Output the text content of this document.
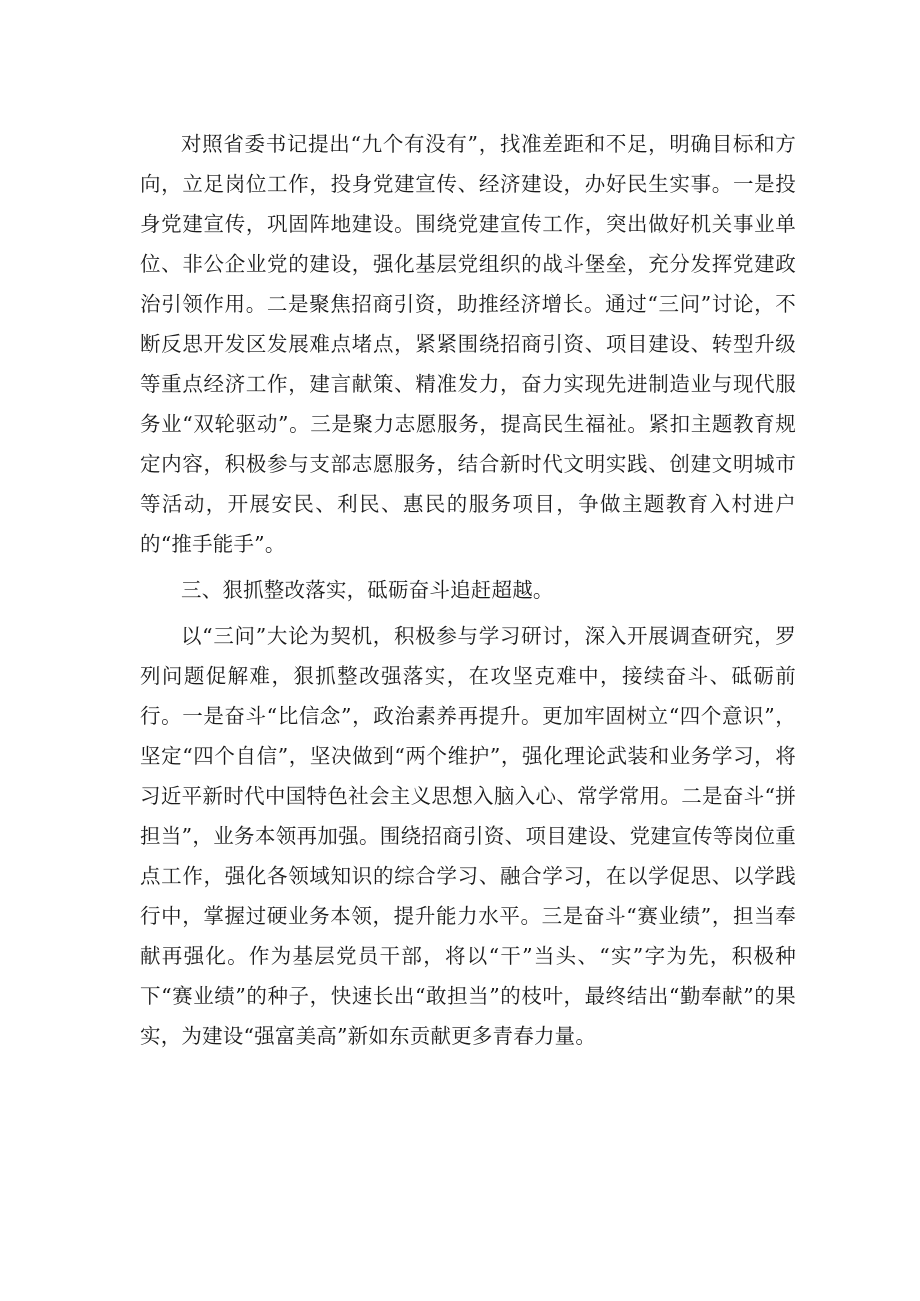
对照省委书记提出“九个有没有”，找准差距和不足，明确目标和方向，立足岗位工作，投身党建宣传、经济建设，办好民生实事。一是投身党建宣传，巩固阵地建设。围绕党建宣传工作，突出做好机关事业单位、非公企业党的建设，强化基层党组织的战斗堡垒，充分发挥党建政治引领作用。二是聚焦招商引资，助推经济增长。通过“三问”讨论，不断反思开发区发展难点堵点，紧紧围绕招商引资、项目建设、转型升级等重点经济工作，建言献策、精准发力，奋力实现先进制造业与现代服务业“双轮驱动”。三是聚力志愿服务，提高民生福祉。紧扣主题教育规定内容，积极参与支部志愿服务，结合新时代文明实践、创建文明城市等活动，开展安民、利民、惠民的服务项目，争做主题教育入村进户的“推手能手”。

三、狠抓整改落实，砥砺奋斗追赶超越。

以“三问”大论为契机，积极参与学习研讨，深入开展调查研究，罗列问题促解难，狠抓整改强落实，在攻坚克难中，接续奋斗、砥砺前行。一是奋斗“比信念”，政治素养再提升。更加牢固树立“四个意识”，坚定“四个自信”，坚决做到“两个维护”，强化理论武装和业务学习，将习近平新时代中国特色社会主义思想入脑入心、常学常用。二是奋斗“拼担当”，业务本领再加强。围绕招商引资、项目建设、党建宣传等岗位重点工作，强化各领域知识的综合学习、融合学习，在以学促思、以学践行中，掌握过硬业务本领，提升能力水平。三是奋斗“赛业绩”，担当奉献再强化。作为基层党员干部，将以“干”当头、“实”字为先，积极种下“赛业绩”的种子，快速长出“敢担当”的枝叶，最终结出“勤奉献”的果实，为建设“强富美高”新如东贡献更多青春力量。
